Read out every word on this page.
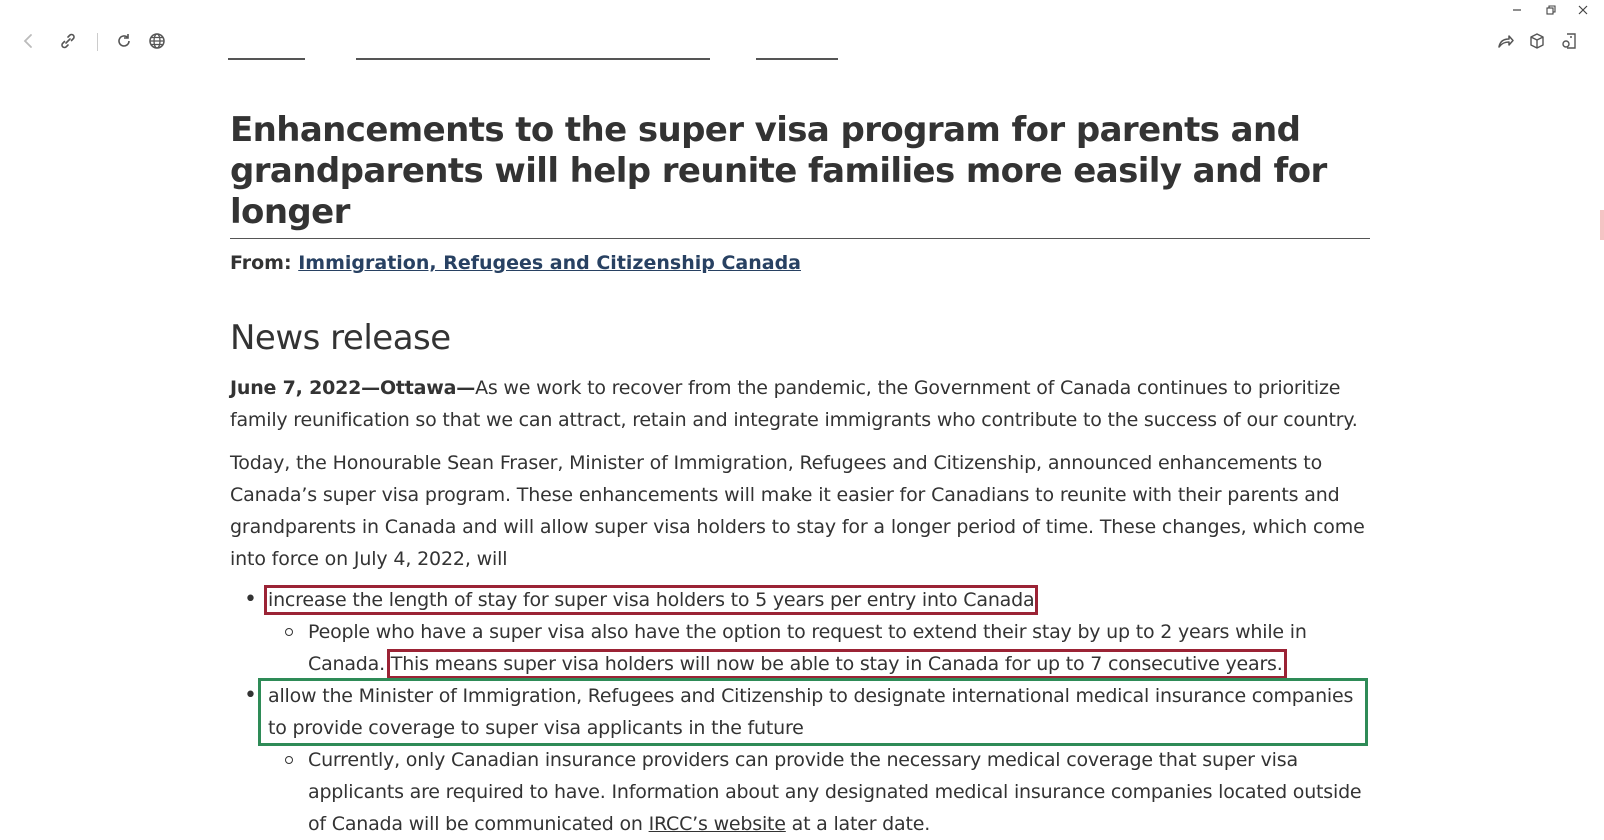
Enhancements to the super visa program for parents and grandparents will help reunite families more easily and for longer
From: Immigration, Refugees and Citizenship Canada
News release

June 7, 2022—Ottawa—As we work to recover from the pandemic, the Government of Canada continues to prioritize family reunification so that we can attract, retain and integrate immigrants who contribute to the success of our country.

Today, the Honourable Sean Fraser, Minister of Immigration, Refugees and Citizenship, announced enhancements to Canada’s super visa program. These enhancements will make it easier for Canadians to reunite with their parents and grandparents in Canada and will allow super visa holders to stay for a longer period of time. These changes, which come into force on July 4, 2022, will

• increase the length of stay for super visa holders to 5 years per entry into Canada
People who have a super visa also have the option to request to extend their stay by up to 2 years while in Canada. This means super visa holders will now be able to stay in Canada for up to 7 consecutive years.
• allow the Minister of Immigration, Refugees and Citizenship to designate international medical insurance companies to provide coverage to super visa applicants in the future
Currently, only Canadian insurance providers can provide the necessary medical coverage that super visa applicants are required to have. Information about any designated medical insurance companies located outside of Canada will be communicated on IRCC’s website at a later date.
